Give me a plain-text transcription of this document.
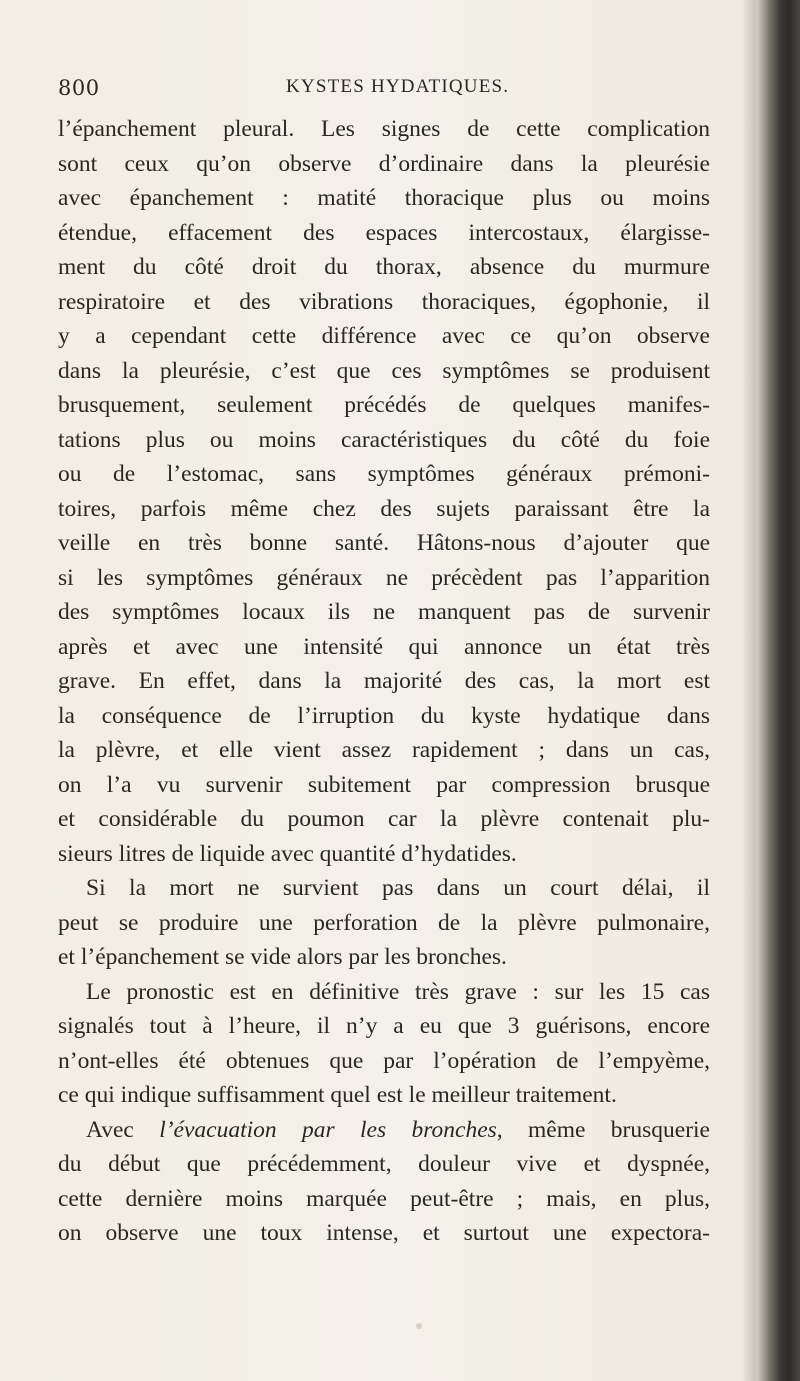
800	KYSTES HYDATIQUES.
l’épanchement pleural. Les signes de cette complication
sont ceux qu’on observe d’ordinaire dans la pleurésie
avec épanchement : matité thoracique plus ou moins
étendue, effacement des espaces intercostaux, élargisse-
ment du côté droit du thorax, absence du murmure
respiratoire et des vibrations thoraciques, égophonie, il
y a cependant cette différence avec ce qu’on observe
dans la pleurésie, c’est que ces symptômes se produisent
brusquement, seulement précédés de quelques manifes-
tations plus ou moins caractéristiques du côté du foie
ou de l’estomac, sans symptômes généraux prémoni-
toires, parfois même chez des sujets paraissant être la
veille en très bonne santé. Hâtons-nous d’ajouter que
si les symptômes généraux ne précèdent pas l’apparition
des symptômes locaux ils ne manquent pas de survenir
après et avec une intensité qui annonce un état très
grave. En effet, dans la majorité des cas, la mort est
la conséquence de l’irruption du kyste hydatique dans
la plèvre, et elle vient assez rapidement ; dans un cas,
on l’a vu survenir subitement par compression brusque
et considérable du poumon car la plèvre contenait plu-
sieurs litres de liquide avec quantité d’hydatides.
Si la mort ne survient pas dans un court délai, il
peut se produire une perforation de la plèvre pulmonaire,
et l’épanchement se vide alors par les bronches.
Le pronostic est en définitive très grave : sur les 15 cas
signalés tout à l’heure, il n’y a eu que 3 guérisons, encore
n’ont-elles été obtenues que par l’opération de l’empyème,
ce qui indique suffisamment quel est le meilleur traitement.
Avec l’évacuation par les bronches, même brusquerie
du début que précédemment, douleur vive et dyspnée,
cette dernière moins marquée peut-être ; mais, en plus,
on observe une toux intense, et surtout une expectora-
